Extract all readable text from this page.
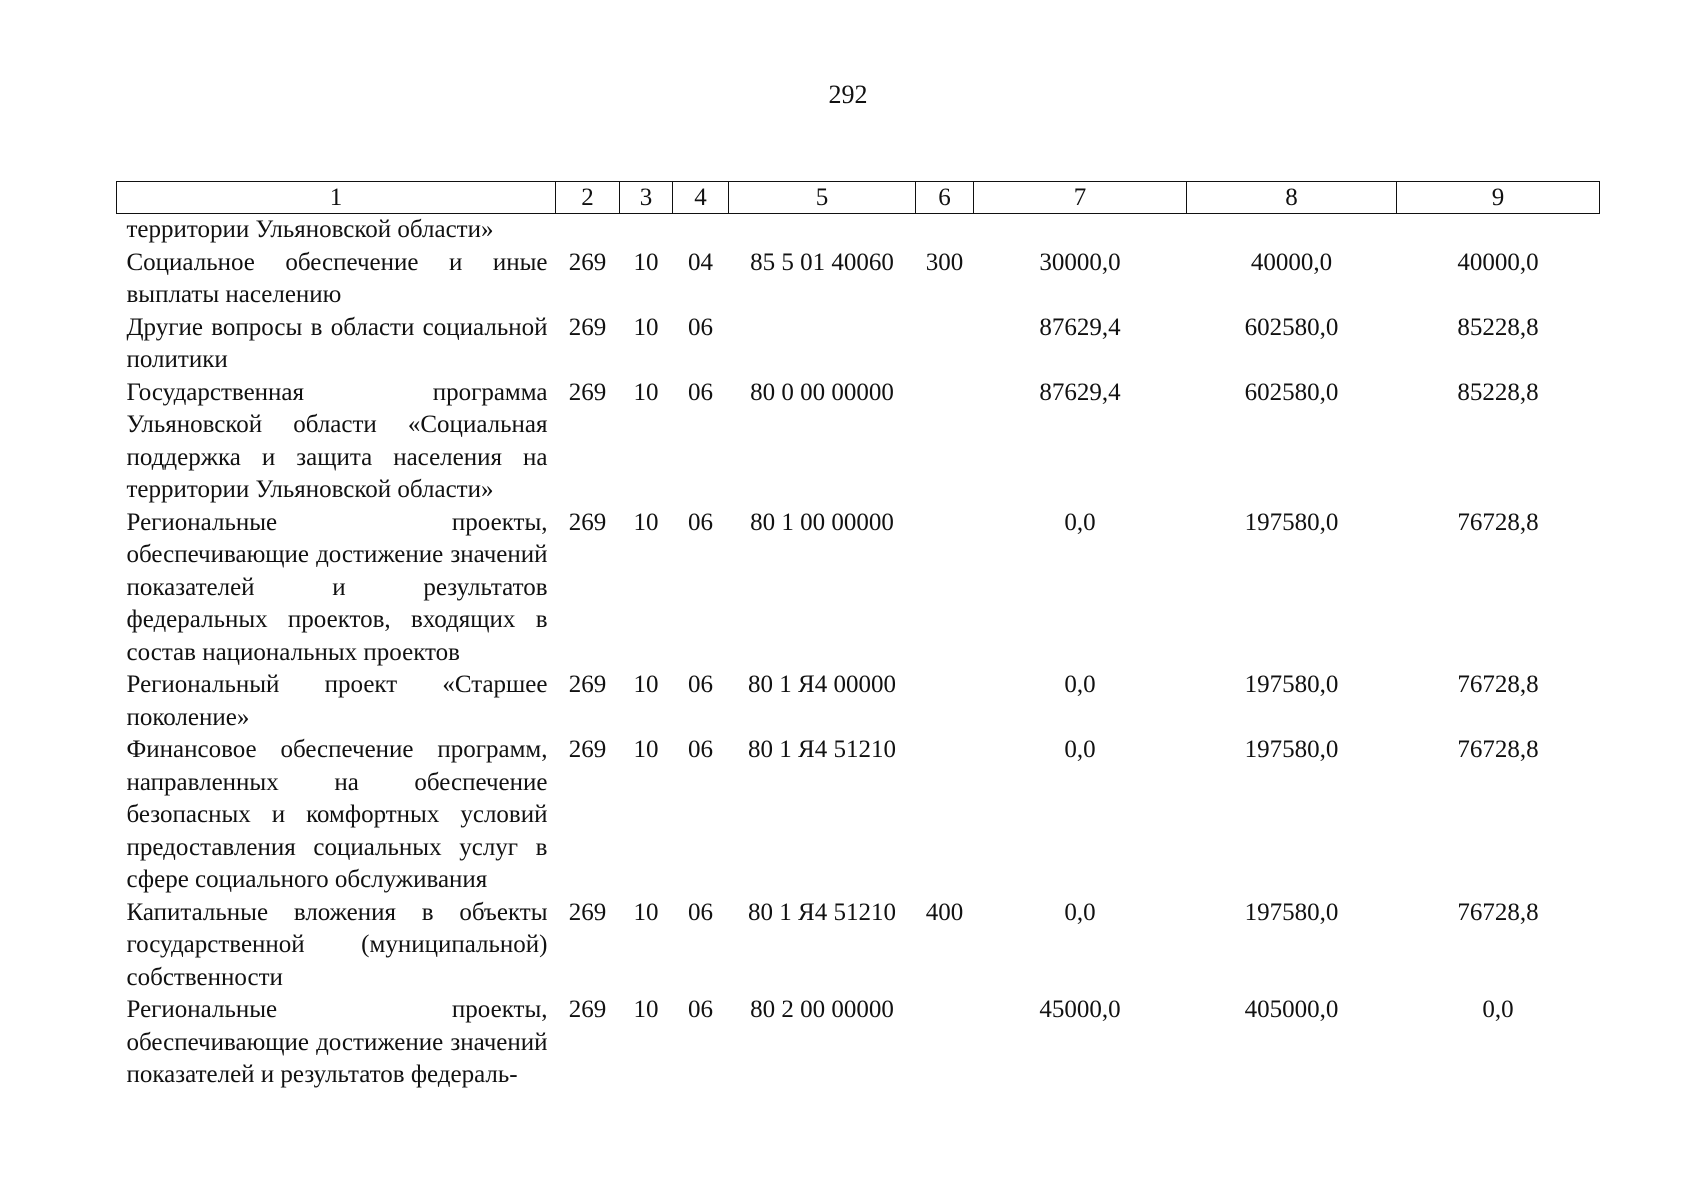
292
1	2	3	4	5	6	7	8	9
территории Ульяновской области»								
Социальное обеспечение и иные выплаты населению	269	10	04	85 5 01 40060	300	30000,0	40000,0	40000,0
Другие вопросы в области социальной политики	269	10	06			87629,4	602580,0	85228,8
Государственная программа Ульяновской области «Социальная поддержка и защита населения на территории Ульяновской области»	269	10	06	80 0 00 00000		87629,4	602580,0	85228,8
Региональные проекты, обеспечивающие достижение значений показателей и результатов федеральных проектов, входящих в состав национальных проектов	269	10	06	80 1 00 00000		0,0	197580,0	76728,8
Региональный проект «Старшее поколение»	269	10	06	80 1 Я4 00000		0,0	197580,0	76728,8
Финансовое обеспечение программ, направленных на обеспечение безопасных и комфортных условий предоставления социальных услуг в сфере социального обслуживания	269	10	06	80 1 Я4 51210		0,0	197580,0	76728,8
Капитальные вложения в объекты государственной (муниципальной) собственности	269	10	06	80 1 Я4 51210	400	0,0	197580,0	76728,8
Региональные проекты, обеспечивающие достижение значений показателей и результатов федераль-	269	10	06	80 2 00 00000		45000,0	405000,0	0,0
